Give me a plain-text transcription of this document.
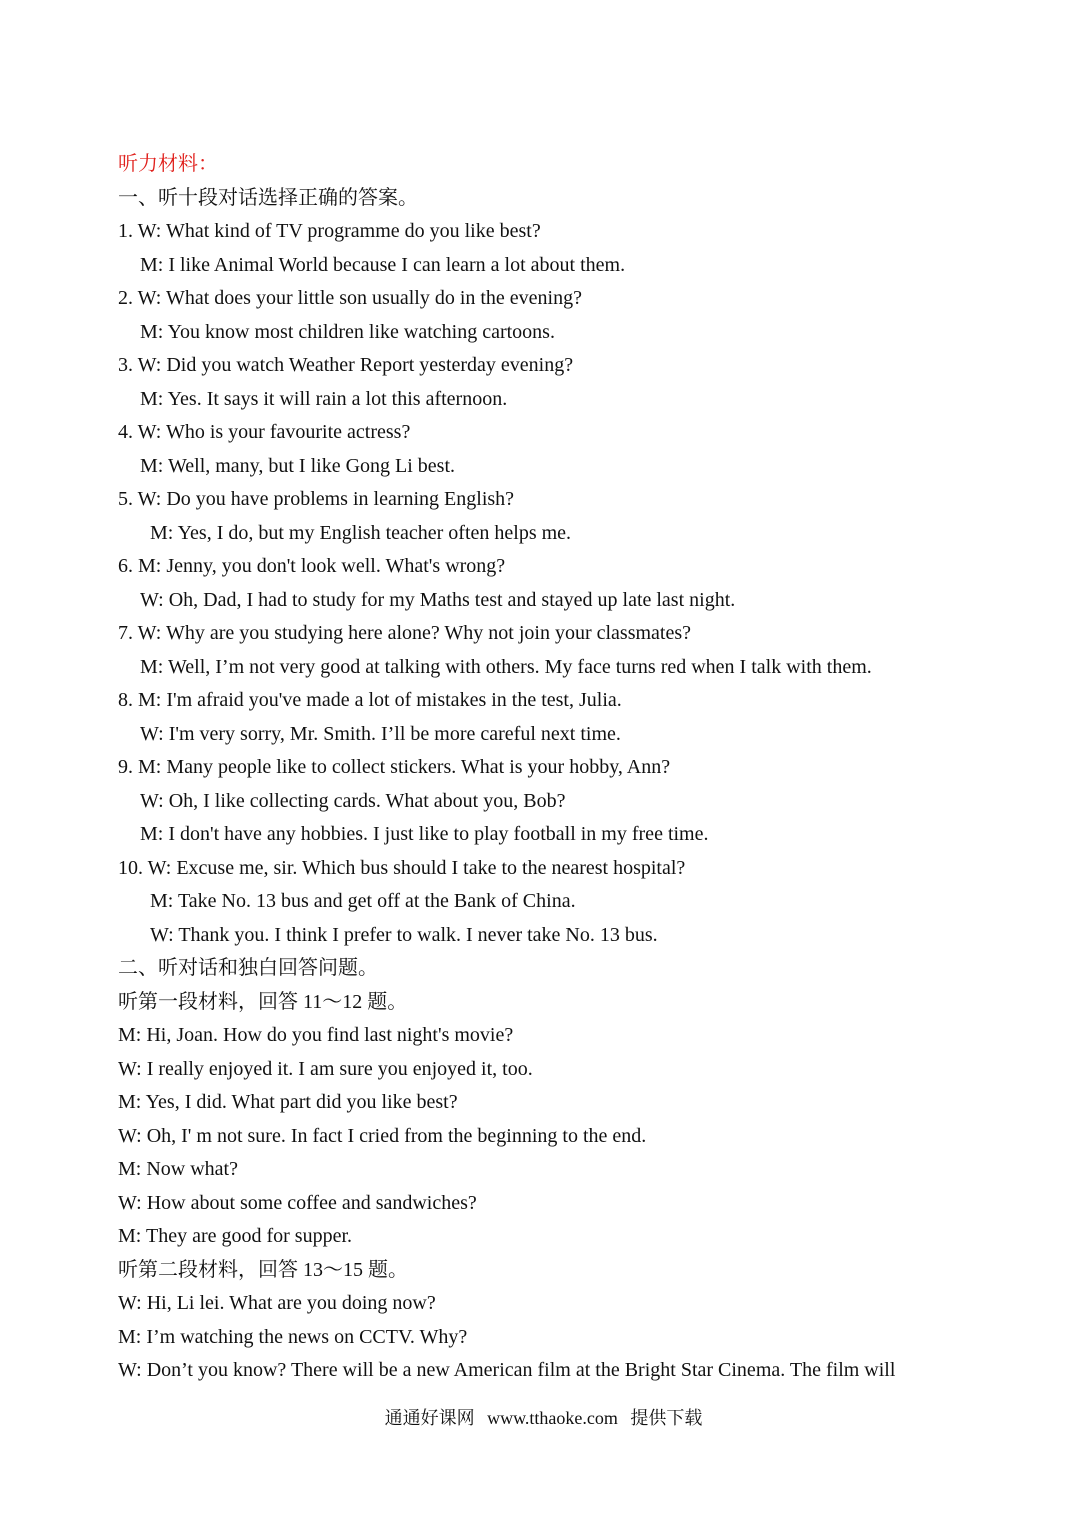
听力材料：
一、听十段对话选择正确的答案。
1. W: What kind of TV programme do you like best?
M: I like Animal World because I can learn a lot about them.
2. W: What does your little son usually do in the evening?
M: You know most children like watching cartoons.
3. W: Did you watch Weather Report yesterday evening?
M: Yes. It says it will rain a lot this afternoon.
4. W: Who is your favourite actress?
M: Well, many, but I like Gong Li best.
5. W: Do you have problems in learning English?
M: Yes, I do, but my English teacher often helps me.
6. M: Jenny, you don't look well. What's wrong?
W: Oh, Dad, I had to study for my Maths test and stayed up late last night.
7. W: Why are you studying here alone? Why not join your classmates?
M: Well, I’m not very good at talking with others. My face turns red when I talk with them.
8. M: I'm afraid you've made a lot of mistakes in the test, Julia.
W: I'm very sorry, Mr. Smith. I’ll be more careful next time.
9. M: Many people like to collect stickers. What is your hobby, Ann?
W: Oh, I like collecting cards. What about you, Bob?
M: I don't have any hobbies. I just like to play football in my free time.
10. W: Excuse me, sir. Which bus should I take to the nearest hospital?
M: Take No. 13 bus and get off at the Bank of China.
W: Thank you. I think I prefer to walk. I never take No. 13 bus.
二、听对话和独白回答问题。
听第一段材料，回答 11～12 题。
M: Hi, Joan. How do you find last night's movie?
W: I really enjoyed it. I am sure you enjoyed it, too.
M: Yes, I did. What part did you like best?
W: Oh, I' m not sure. In fact I cried from the beginning to the end.
M: Now what?
W: How about some coffee and sandwiches?
M: They are good for supper.
听第二段材料，回答 13～15 题。
W: Hi, Li lei. What are you doing now?
M: I’m watching the news on CCTV. Why?
W: Don’t you know? There will be a new American film at the Bright Star Cinema. The film will
通通好课网 www.tthaoke.com 提供下载
